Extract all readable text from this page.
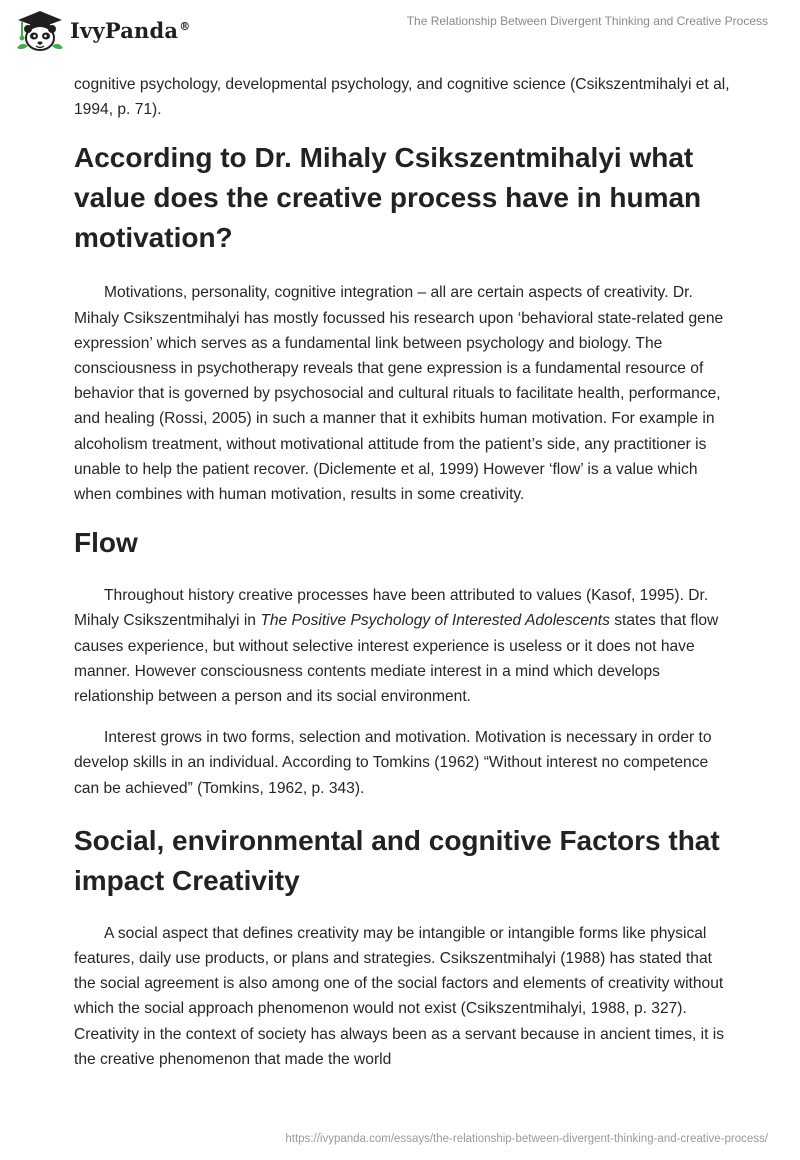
IvyPanda®	The Relationship Between Divergent Thinking and Creative Process

cognitive psychology, developmental psychology, and cognitive science (Csikszentmihalyi et al, 1994, p. 71).

According to Dr. Mihaly Csikszentmihalyi what value does the creative process have in human motivation?

Motivations, personality, cognitive integration – all are certain aspects of creativity. Dr. Mihaly Csikszentmihalyi has mostly focussed his research upon ‘behavioral state-related gene expression’ which serves as a fundamental link between psychology and biology. The consciousness in psychotherapy reveals that gene expression is a fundamental resource of behavior that is governed by psychosocial and cultural rituals to facilitate health, performance, and healing (Rossi, 2005) in such a manner that it exhibits human motivation. For example in alcoholism treatment, without motivational attitude from the patient’s side, any practitioner is unable to help the patient recover. (Diclemente et al, 1999) However ‘flow’ is a value which when combines with human motivation, results in some creativity.

Flow

Throughout history creative processes have been attributed to values (Kasof, 1995). Dr. Mihaly Csikszentmihalyi in The Positive Psychology of Interested Adolescents states that flow causes experience, but without selective interest experience is useless or it does not have manner. However consciousness contents mediate interest in a mind which develops relationship between a person and its social environment.

Interest grows in two forms, selection and motivation. Motivation is necessary in order to develop skills in an individual. According to Tomkins (1962) “Without interest no competence can be achieved” (Tomkins, 1962, p. 343).

Social, environmental and cognitive Factors that impact Creativity

A social aspect that defines creativity may be intangible or intangible forms like physical features, daily use products, or plans and strategies. Csikszentmihalyi (1988) has stated that the social agreement is also among one of the social factors and elements of creativity without which the social approach phenomenon would not exist (Csikszentmihalyi, 1988, p. 327). Creativity in the context of society has always been as a servant because in ancient times, it is the creative phenomenon that made the world

https://ivypanda.com/essays/the-relationship-between-divergent-thinking-and-creative-process/
